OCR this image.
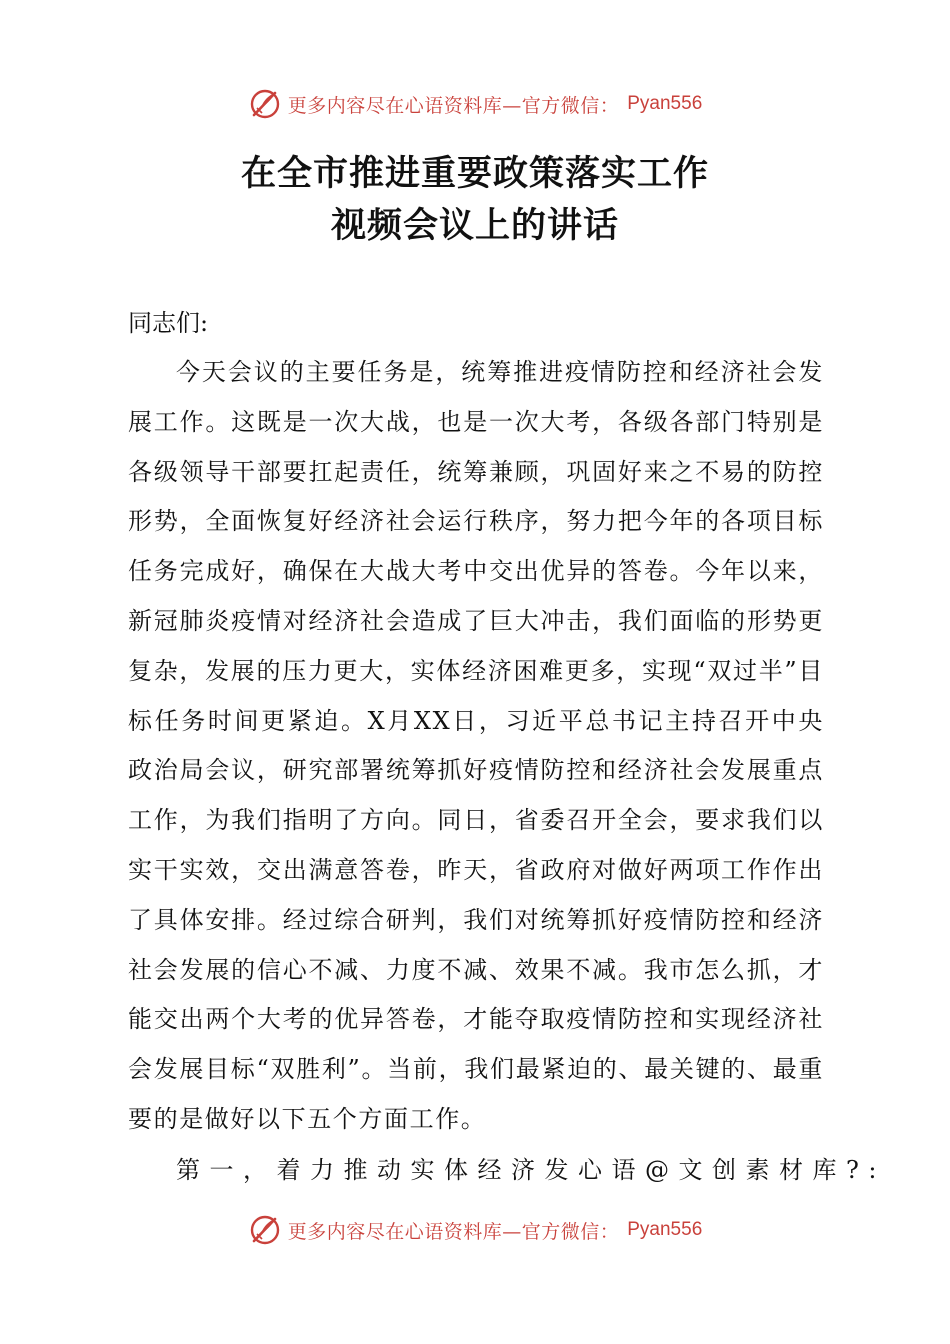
更多内容尽在心语资料库—官方微信： Pyan556
在全市推进重要政策落实工作
视频会议上的讲话

同志们:

今天会议的主要任务是，统筹推进疫情防控和经济社会发展工作。这既是一次大战，也是一次大考，各级各部门特别是各级领导干部要扛起责任，统筹兼顾，巩固好来之不易的防控形势，全面恢复好经济社会运行秩序，努力把今年的各项目标任务完成好，确保在大战大考中交出优异的答卷。今年以来，新冠肺炎疫情对经济社会造成了巨大冲击，我们面临的形势更复杂，发展的压力更大，实体经济困难更多，实现“双过半”目标任务时间更紧迫。X月XX日，习近平总书记主持召开中央政治局会议，研究部署统筹抓好疫情防控和经济社会发展重点工作，为我们指明了方向。同日，省委召开全会，要求我们以实干实效，交出满意答卷，昨天，省政府对做好两项工作作出了具体安排。经过综合研判，我们对统筹抓好疫情防控和经济社会发展的信心不减、力度不减、效果不减。我市怎么抓，才能交出两个大考的优异答卷，才能夺取疫情防控和实现经济社会发展目标“双胜利”。当前，我们最紧迫的、最关键的、最重要的是做好以下五个方面工作。

第一，着力推动实体经济发心语@文创素材库?:

更多内容尽在心语资料库—官方微信： Pyan556
